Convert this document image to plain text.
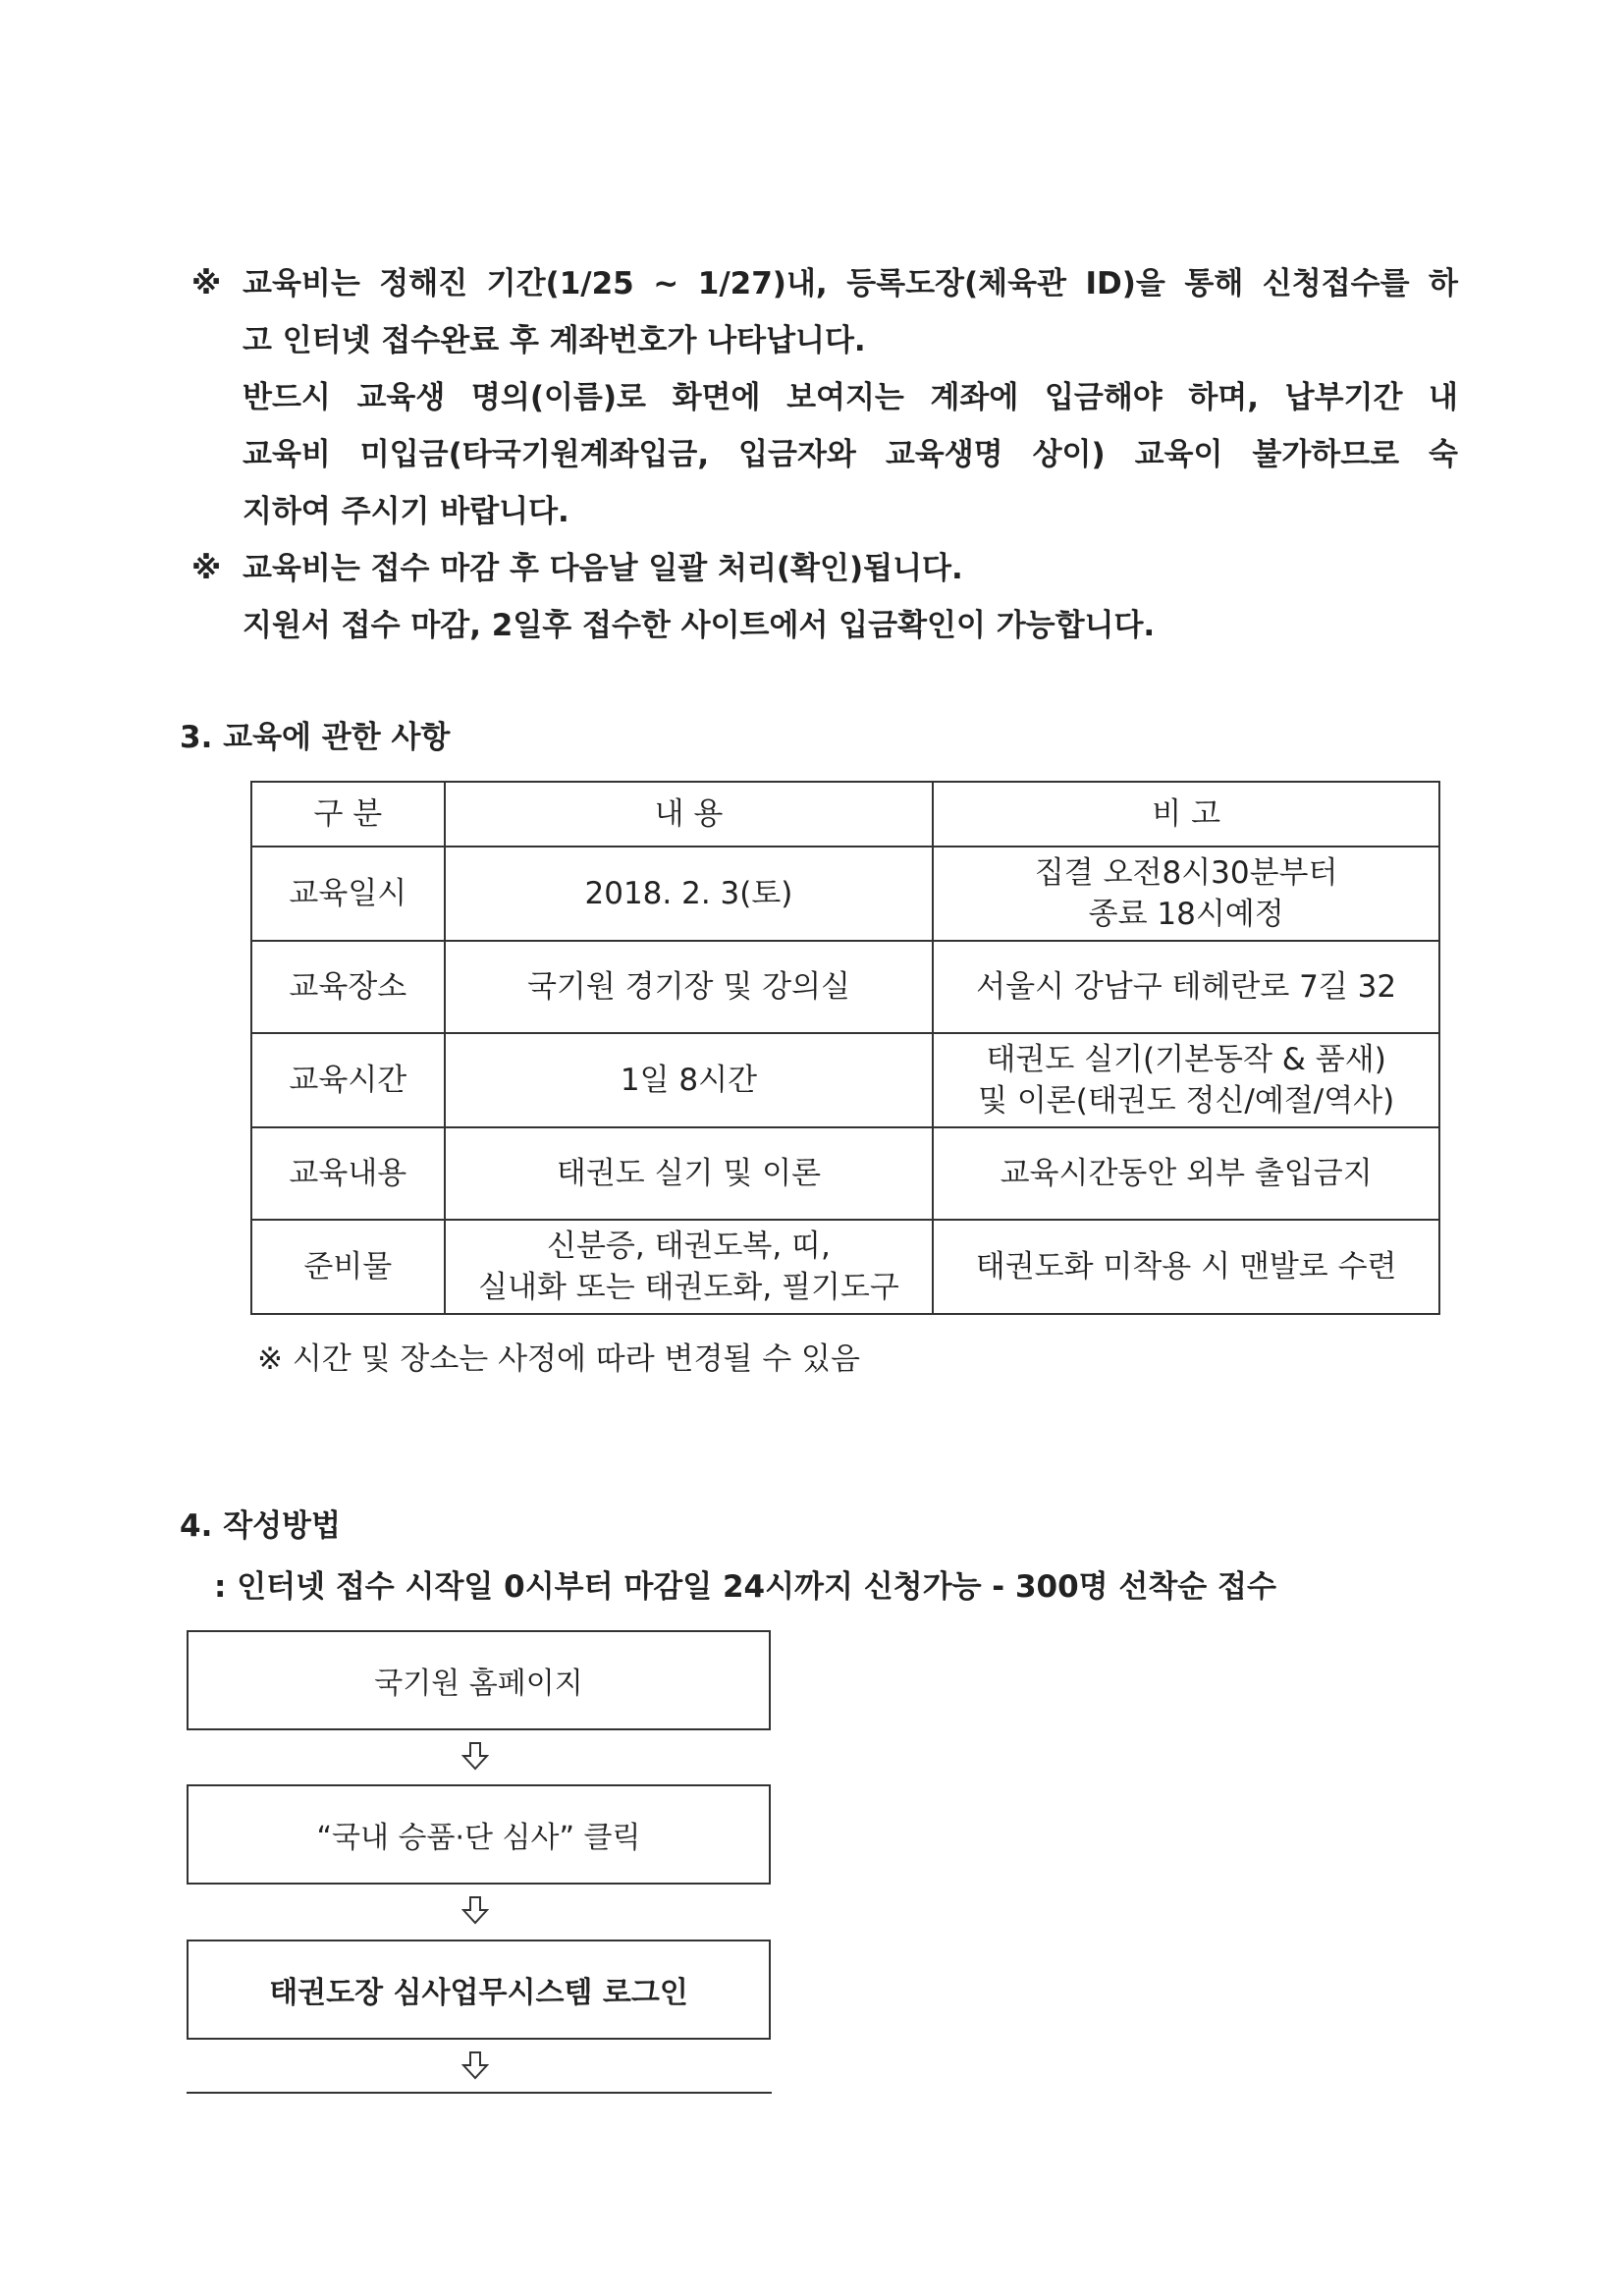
※ 교육비는 정해진 기간(1/25 ~ 1/27)내, 등록도장(체육관 ID)을 통해 신청접수를 하
고 인터넷 접수완료 후 계좌번호가 나타납니다.
반드시 교육생 명의(이름)로 화면에 보여지는 계좌에 입금해야 하며, 납부기간 내
교육비 미입금(타국기원계좌입금, 입금자와 교육생명 상이) 교육이 불가하므로 숙
지하여 주시기 바랍니다.
※ 교육비는 접수 마감 후 다음날 일괄 처리(확인)됩니다.
지원서 접수 마감, 2일후 접수한 사이트에서 입금확인이 가능합니다.
3. 교육에 관한 사항
구 분	내 용	비 고
교육일시	2018. 2. 3(토)	집결 오전8시30분부터
종료 18시예정

교육장소	국기원 경기장 및 강의실	서울시 강남구 테헤란로 7길 32

교육시간	1일 8시간	태권도 실기(기본동작 & 품새)
및 이론(태권도 정신/예절/역사)

교육내용	태권도 실기 및 이론	교육시간동안 외부 출입금지

준비물	신분증, 태권도복, 띠,
실내화 또는 태권도화, 필기도구	태권도화 미착용 시 맨발로 수련
※ 시간 및 장소는 사정에 따라 변경될 수 있음
4. 작성방법
: 인터넷 접수 시작일 0시부터 마감일 24시까지 신청가능 - 300명 선착순 접수
국기원 홈페이지
“국내 승품·단 심사” 클릭
태권도장 심사업무시스템 로그인
